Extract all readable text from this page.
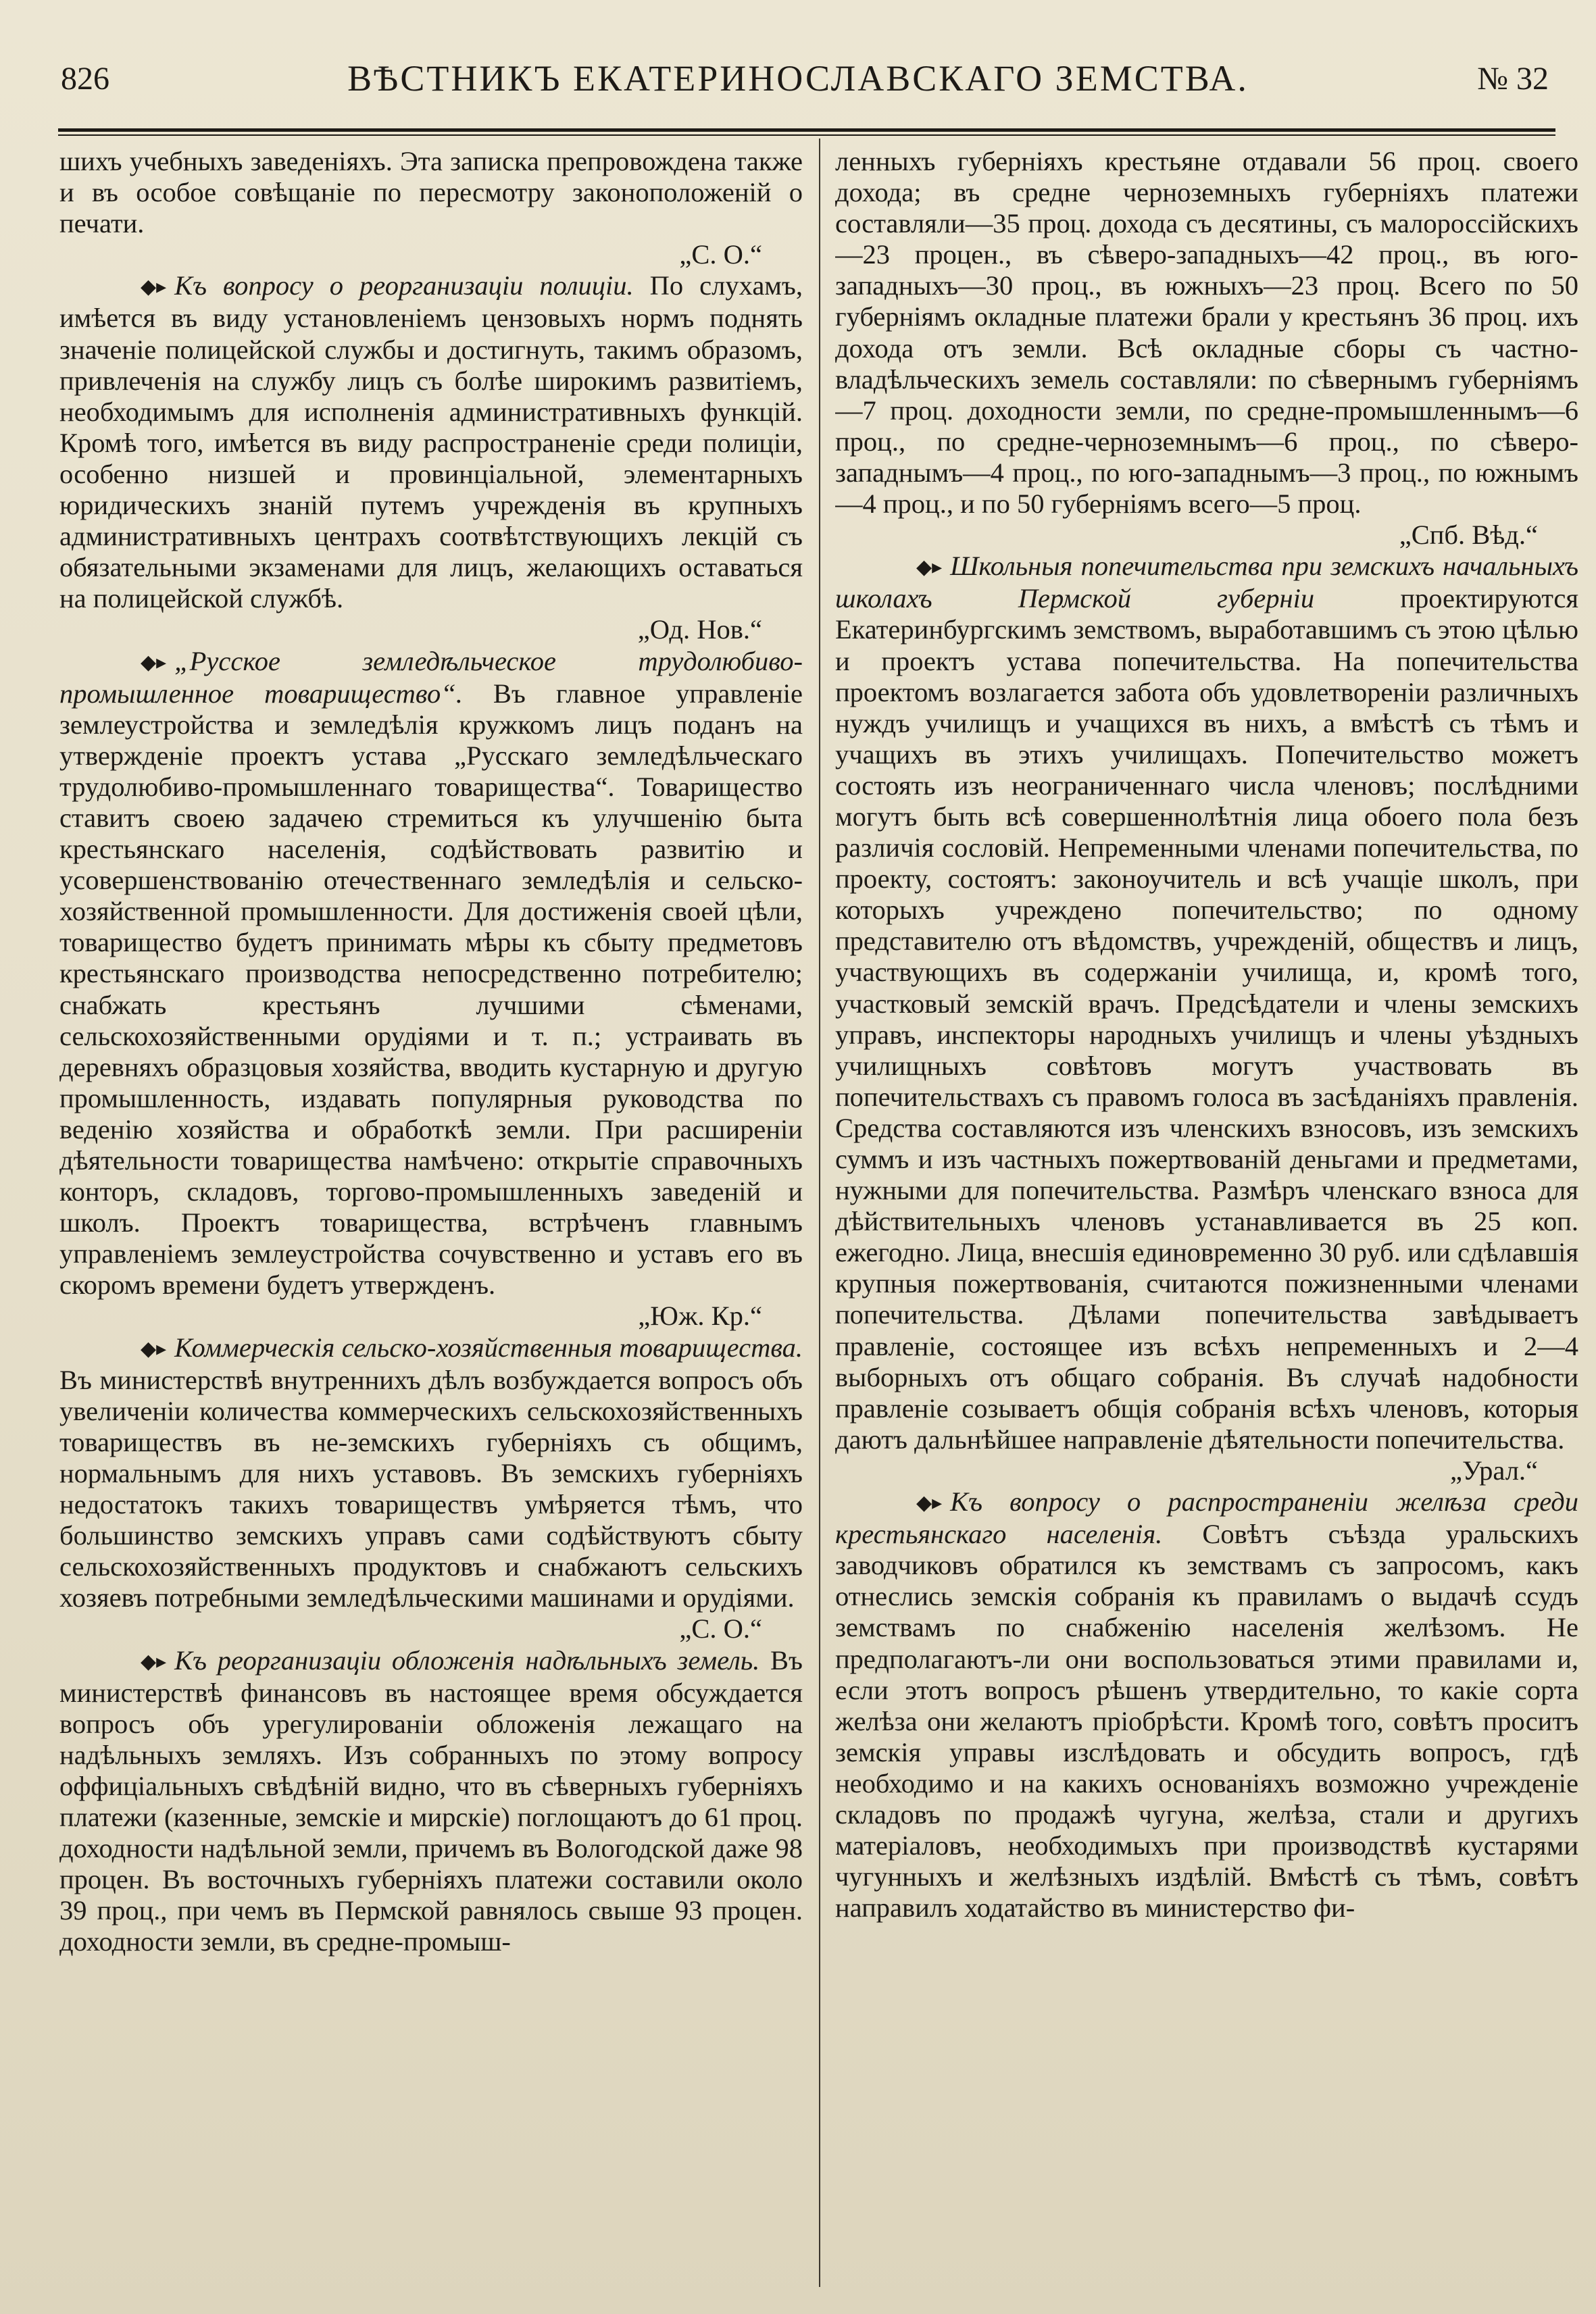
826	ВѢСТНИКЪ ЕКАТЕРИНОСЛАВСКАГО ЗЕМСТВА.	№ 32

шихъ учебныхъ заведеніяхъ. Эта записка препровождена также и въ особое совѣщаніе по пересмотру законоположеній о печати.

„С. О.“

◆▸ Къ вопросу о реорганизаціи полиціи. По слухамъ, имѣется въ виду установленіемъ цензовыхъ нормъ поднять значеніе полицейской службы и достигнуть, такимъ образомъ, привлеченія на службу лицъ съ болѣе широкимъ развитіемъ, необходимымъ для исполненія административныхъ функцій. Кромѣ того, имѣется въ виду распространеніе среди полиціи, особенно низшей и провинціальной, элементарныхъ юридическихъ знаній путемъ учрежденія въ крупныхъ административныхъ центрахъ соотвѣтствующихъ лекцій съ обязательными экзаменами для лицъ, желающихъ оставаться на полицейской службѣ.

„Од. Нов.“

◆▸ „Русское земледѣльческое трудолюбиво-промышленное товарищество“. Въ главное управленіе землеустройства и земледѣлія кружкомъ лицъ поданъ на утвержденіе проектъ устава „Русскаго земледѣльческаго трудолюбиво-промышленнаго товарищества“. Товарищество ставитъ своею задачею стремиться къ улучшенію быта крестьянскаго населенія, содѣйствовать развитію и усовершенствованію отечественнаго земледѣлія и сельско-хозяйственной промышленности. Для достиженія своей цѣли, товарищество будетъ принимать мѣры къ сбыту предметовъ крестьянскаго производства непосредственно потребителю; снабжать крестьянъ лучшими сѣменами, сельскохозяйственными орудіями и т. п.; устраивать въ деревняхъ образцовыя хозяйства, вводить кустарную и другую промышленность, издавать популярныя руководства по веденію хозяйства и обработкѣ земли. При расширеніи дѣятельности товарищества намѣчено: открытіе справочныхъ конторъ, складовъ, торгово-промышленныхъ заведеній и школъ. Проектъ товарищества, встрѣченъ главнымъ управленіемъ землеустройства сочувственно и уставъ его въ скоромъ времени будетъ утвержденъ.

„Юж. Кр.“

◆▸ Коммерческія сельско-хозяйственныя товарищества. Въ министерствѣ внутреннихъ дѣлъ возбуждается вопросъ объ увеличеніи количества коммерческихъ сельскохозяйственныхъ товариществъ въ не-земскихъ губерніяхъ съ общимъ, нормальнымъ для нихъ уставовъ. Въ земскихъ губерніяхъ недостатокъ такихъ товариществъ умѣряется тѣмъ, что большинство земскихъ управъ сами содѣйствуютъ сбыту сельскохозяйственныхъ продуктовъ и снабжаютъ сельскихъ хозяевъ потребными земледѣльческими машинами и орудіями.

„С. О.“

◆▸ Къ реорганизаціи обложенія надѣльныхъ земель. Въ министерствѣ финансовъ въ настоящее время обсуждается вопросъ объ урегулированіи обложенія лежащаго на надѣльныхъ земляхъ. Изъ собранныхъ по этому вопросу оффиціальныхъ свѣдѣній видно, что въ сѣверныхъ губерніяхъ платежи (казенные, земскіе и мирскіе) поглощаютъ до 61 проц. доходности надѣльной земли, причемъ въ Вологодской даже 98 процен. Въ восточныхъ губерніяхъ платежи составили около 39 проц., при чемъ въ Пермской равнялось свыше 93 процен. доходности земли, въ средне-промыш-

ленныхъ губерніяхъ крестьяне отдавали 56 проц. своего дохода; въ средне черноземныхъ губерніяхъ платежи составляли—35 проц. дохода съ десятины, съ малороссійскихъ—23 процен., въ сѣверо-западныхъ—42 проц., въ юго-западныхъ—30 проц., въ южныхъ—23 проц. Всего по 50 губерніямъ окладные платежи брали у крестьянъ 36 проц. ихъ дохода отъ земли. Всѣ окладные сборы съ частно-владѣльческихъ земель составляли: по сѣвернымъ губерніямъ—7 проц. доходности земли, по средне-промышленнымъ—6 проц., по средне-черноземнымъ—6 проц., по сѣверо-западнымъ—4 проц., по юго-западнымъ—3 проц., по южнымъ—4 проц., и по 50 губерніямъ всего—5 проц.

„Спб. Вѣд.“

◆▸ Школьныя попечительства при земскихъ начальныхъ школахъ Пермской губерніи	проектируются Екатеринбургскимъ земствомъ, выработавшимъ съ этою цѣлью и проектъ устава попечительства. На попечительства проектомъ возлагается забота объ удовлетвореніи различныхъ нуждъ училищъ и учащихся въ нихъ, а вмѣстѣ съ тѣмъ и учащихъ въ этихъ училищахъ. Попечительство можетъ состоять изъ неограниченнаго числа членовъ; послѣдними могутъ быть всѣ совершеннолѣтнія лица обоего пола безъ различія сословій. Непременными членами попечительства, по проекту, состоятъ: законоучитель и всѣ учащіе школъ, при которыхъ учреждено попечительство; по одному представителю отъ вѣдомствъ, учрежденій, обществъ и лицъ, участвующихъ въ содержаніи училища, и, кромѣ того, участковый земскій врачъ. Предсѣдатели и члены земскихъ управъ, инспекторы народныхъ училищъ и члены уѣздныхъ училищныхъ совѣтовъ могутъ участвовать въ попечительствахъ съ правомъ голоса въ засѣданіяхъ правленія. Средства составляются изъ членскихъ взносовъ, изъ земскихъ суммъ и изъ частныхъ пожертвованій деньгами и предметами, нужными для попечительства. Размѣръ членскаго взноса для дѣйствительныхъ членовъ устанавливается въ 25 коп. ежегодно. Лица, внесшія единовременно 30 руб. или сдѣлавшія крупныя пожертвованія, считаются пожизненными членами попечительства. Дѣлами попечительства завѣдываетъ правленіе, состоящее изъ всѣхъ непременныхъ и 2—4 выборныхъ отъ общаго собранія. Въ случаѣ надобности правленіе созываетъ общія собранія всѣхъ членовъ, которыя даютъ дальнѣйшее направленіе дѣятельности попечительства.

„Урал.“

◆▸ Къ вопросу о распространеніи желѣза среди крестьянскаго населенія. Совѣтъ съѣзда уральскихъ заводчиковъ обратился къ земствамъ съ запросомъ, какъ отнеслись земскія собранія къ правиламъ о выдачѣ ссудъ земствамъ по снабженію населенія желѣзомъ. Не предполагаютъ-ли они воспользоваться этими правилами и, если этотъ вопросъ рѣшенъ утвердительно, то какіе сорта желѣза они желаютъ пріобрѣсти. Кромѣ того, совѣтъ проситъ земскія управы изслѣдовать и обсудить вопросъ, гдѣ необходимо и на какихъ основаніяхъ возможно учрежденіе складовъ по продажѣ чугуна, желѣза, стали и другихъ матеріаловъ, необходимыхъ при производствѣ кустарями чугунныхъ и желѣзныхъ издѣлій. Вмѣстѣ съ тѣмъ, совѣтъ направилъ ходатайство въ министерство фи-
